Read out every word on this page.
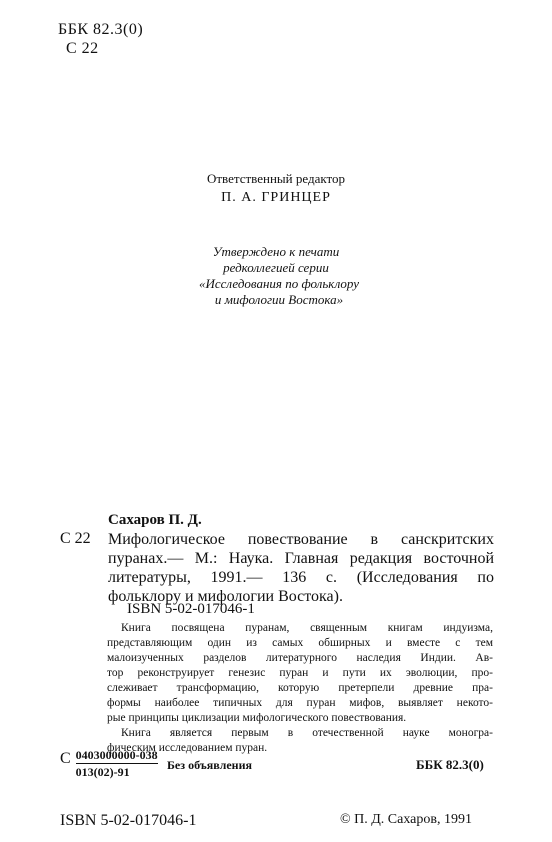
ББК 82.3(0)
С 22
Ответственный редактор
П. А. ГРИНЦЕР
Утверждено к печати
редколлегией серии
«Исследования по фольклору
и мифологии Востока»
Сахаров П. Д.
С 22 Мифологическое повествование в санскритских
пуранах.— М.: Наука. Главная редакция восточной
литературы, 1991.— 136 с. (Исследования по
фольклору и мифологии Востока).
ISBN 5-02-017046-1
Книга посвящена пуранам, священным книгам индуизма,
представляющим один из самых обширных и вместе с тем
малоизученных разделов литературного наследия Индии. Ав-
тор реконструирует генезис пуран и пути их эволюции, про-
слеживает трансформацию, которую претерпели древние пра-
формы наиболее типичных для пуран мифов, выявляет некото-
рые принципы циклизации мифологического повествования.
Книга является первым в отечественной науке моногра-
фическим исследованием пуран.
С $\frac{0403000000-038}{013(02)-91}$ Без объявления	ББК 82.3(0)
ISBN 5-02-017046-1	© П. Д. Сахаров, 1991
